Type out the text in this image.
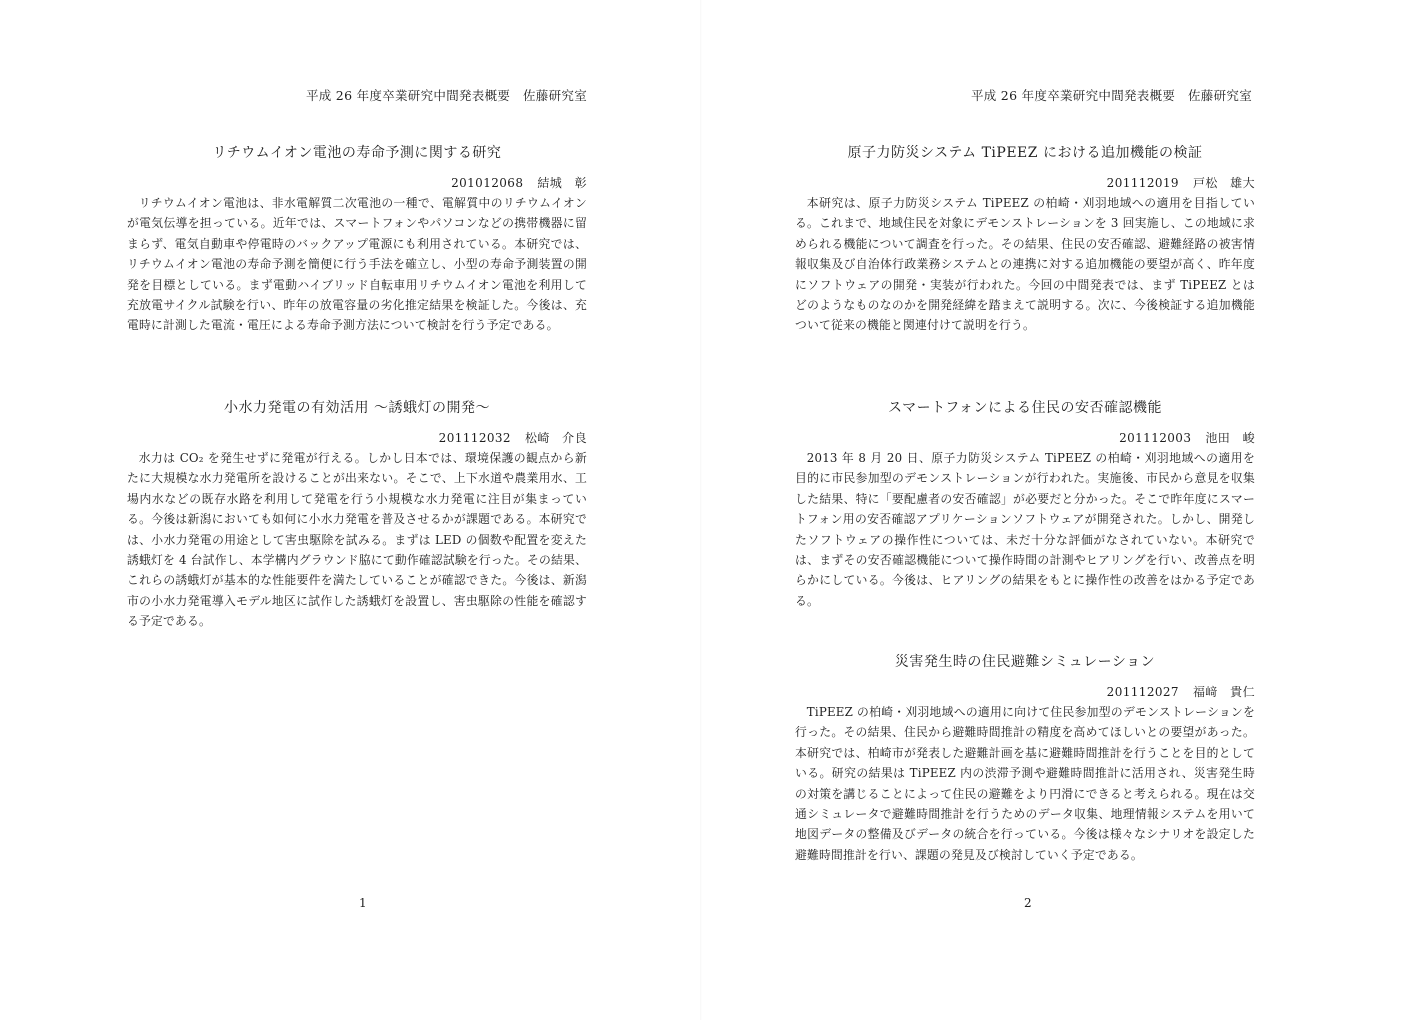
平成 26 年度卒業研究中間発表概要　佐藤研究室
リチウムイオン電池の寿命予測に関する研究
201012068 結城　彰

リチウムイオン電池は、非水電解質二次電池の一種で、電解質中のリチウムイオンが電気伝導を担っている。近年では、スマートフォンやパソコンなどの携帯機器に留まらず、電気自動車や停電時のバックアップ電源にも利用されている。本研究では、リチウムイオン電池の寿命予測を簡便に行う手法を確立し、小型の寿命予測装置の開発を目標としている。まず電動ハイブリッド自転車用リチウムイオン電池を利用して充放電サイクル試験を行い、昨年の放電容量の劣化推定結果を検証した。今後は、充電時に計測した電流・電圧による寿命予測方法について検討を行う予定である。

小水力発電の有効活用 〜誘蛾灯の開発〜
201112032 松崎　介良

水力は CO₂ を発生せずに発電が行える。しかし日本では、環境保護の観点から新たに大規模な水力発電所を設けることが出来ない。そこで、上下水道や農業用水、工場内水などの既存水路を利用して発電を行う小規模な水力発電に注目が集まっている。今後は新潟においても如何に小水力発電を普及させるかが課題である。本研究では、小水力発電の用途として害虫駆除を試みる。まずは LED の個数や配置を変えた誘蛾灯を 4 台試作し、本学構内グラウンド脇にて動作確認試験を行った。その結果、これらの誘蛾灯が基本的な性能要件を満たしていることが確認できた。今後は、新潟市の小水力発電導入モデル地区に試作した誘蛾灯を設置し、害虫駆除の性能を確認する予定である。

1
平成 26 年度卒業研究中間発表概要　佐藤研究室
原子力防災システム TiPEEZ における追加機能の検証
201112019 戸松　雄大

本研究は、原子力防災システム TiPEEZ の柏崎・刈羽地域への適用を目指している。これまで、地域住民を対象にデモンストレーションを 3 回実施し、この地域に求められる機能について調査を行った。その結果、住民の安否確認、避難経路の被害情報収集及び自治体行政業務システムとの連携に対する追加機能の要望が高く、昨年度にソフトウェアの開発・実装が行われた。今回の中間発表では、まず TiPEEZ とはどのようなものなのかを開発経緯を踏まえて説明する。次に、今後検証する追加機能ついて従来の機能と関連付けて説明を行う。

スマートフォンによる住民の安否確認機能
201112003 池田　峻

2013 年 8 月 20 日、原子力防災システム TiPEEZ の柏崎・刈羽地域への適用を目的に市民参加型のデモンストレーションが行われた。実施後、市民から意見を収集した結果、特に「要配慮者の安否確認」が必要だと分かった。そこで昨年度にスマートフォン用の安否確認アプリケーションソフトウェアが開発された。しかし、開発したソフトウェアの操作性については、未だ十分な評価がなされていない。本研究では、まずその安否確認機能について操作時間の計測やヒアリングを行い、改善点を明らかにしている。今後は、ヒアリングの結果をもとに操作性の改善をはかる予定である。

災害発生時の住民避難シミュレーション
201112027 福﨑　貴仁

TiPEEZ の柏崎・刈羽地域への適用に向けて住民参加型のデモンストレーションを行った。その結果、住民から避難時間推計の精度を高めてほしいとの要望があった。本研究では、柏崎市が発表した避難計画を基に避難時間推計を行うことを目的としている。研究の結果は TiPEEZ 内の渋滞予測や避難時間推計に活用され、災害発生時の対策を講じることによって住民の避難をより円滑にできると考えられる。現在は交通シミュレータで避難時間推計を行うためのデータ収集、地理情報システムを用いて地図データの整備及びデータの統合を行っている。今後は様々なシナリオを設定した避難時間推計を行い、課題の発見及び検討していく予定である。

2
